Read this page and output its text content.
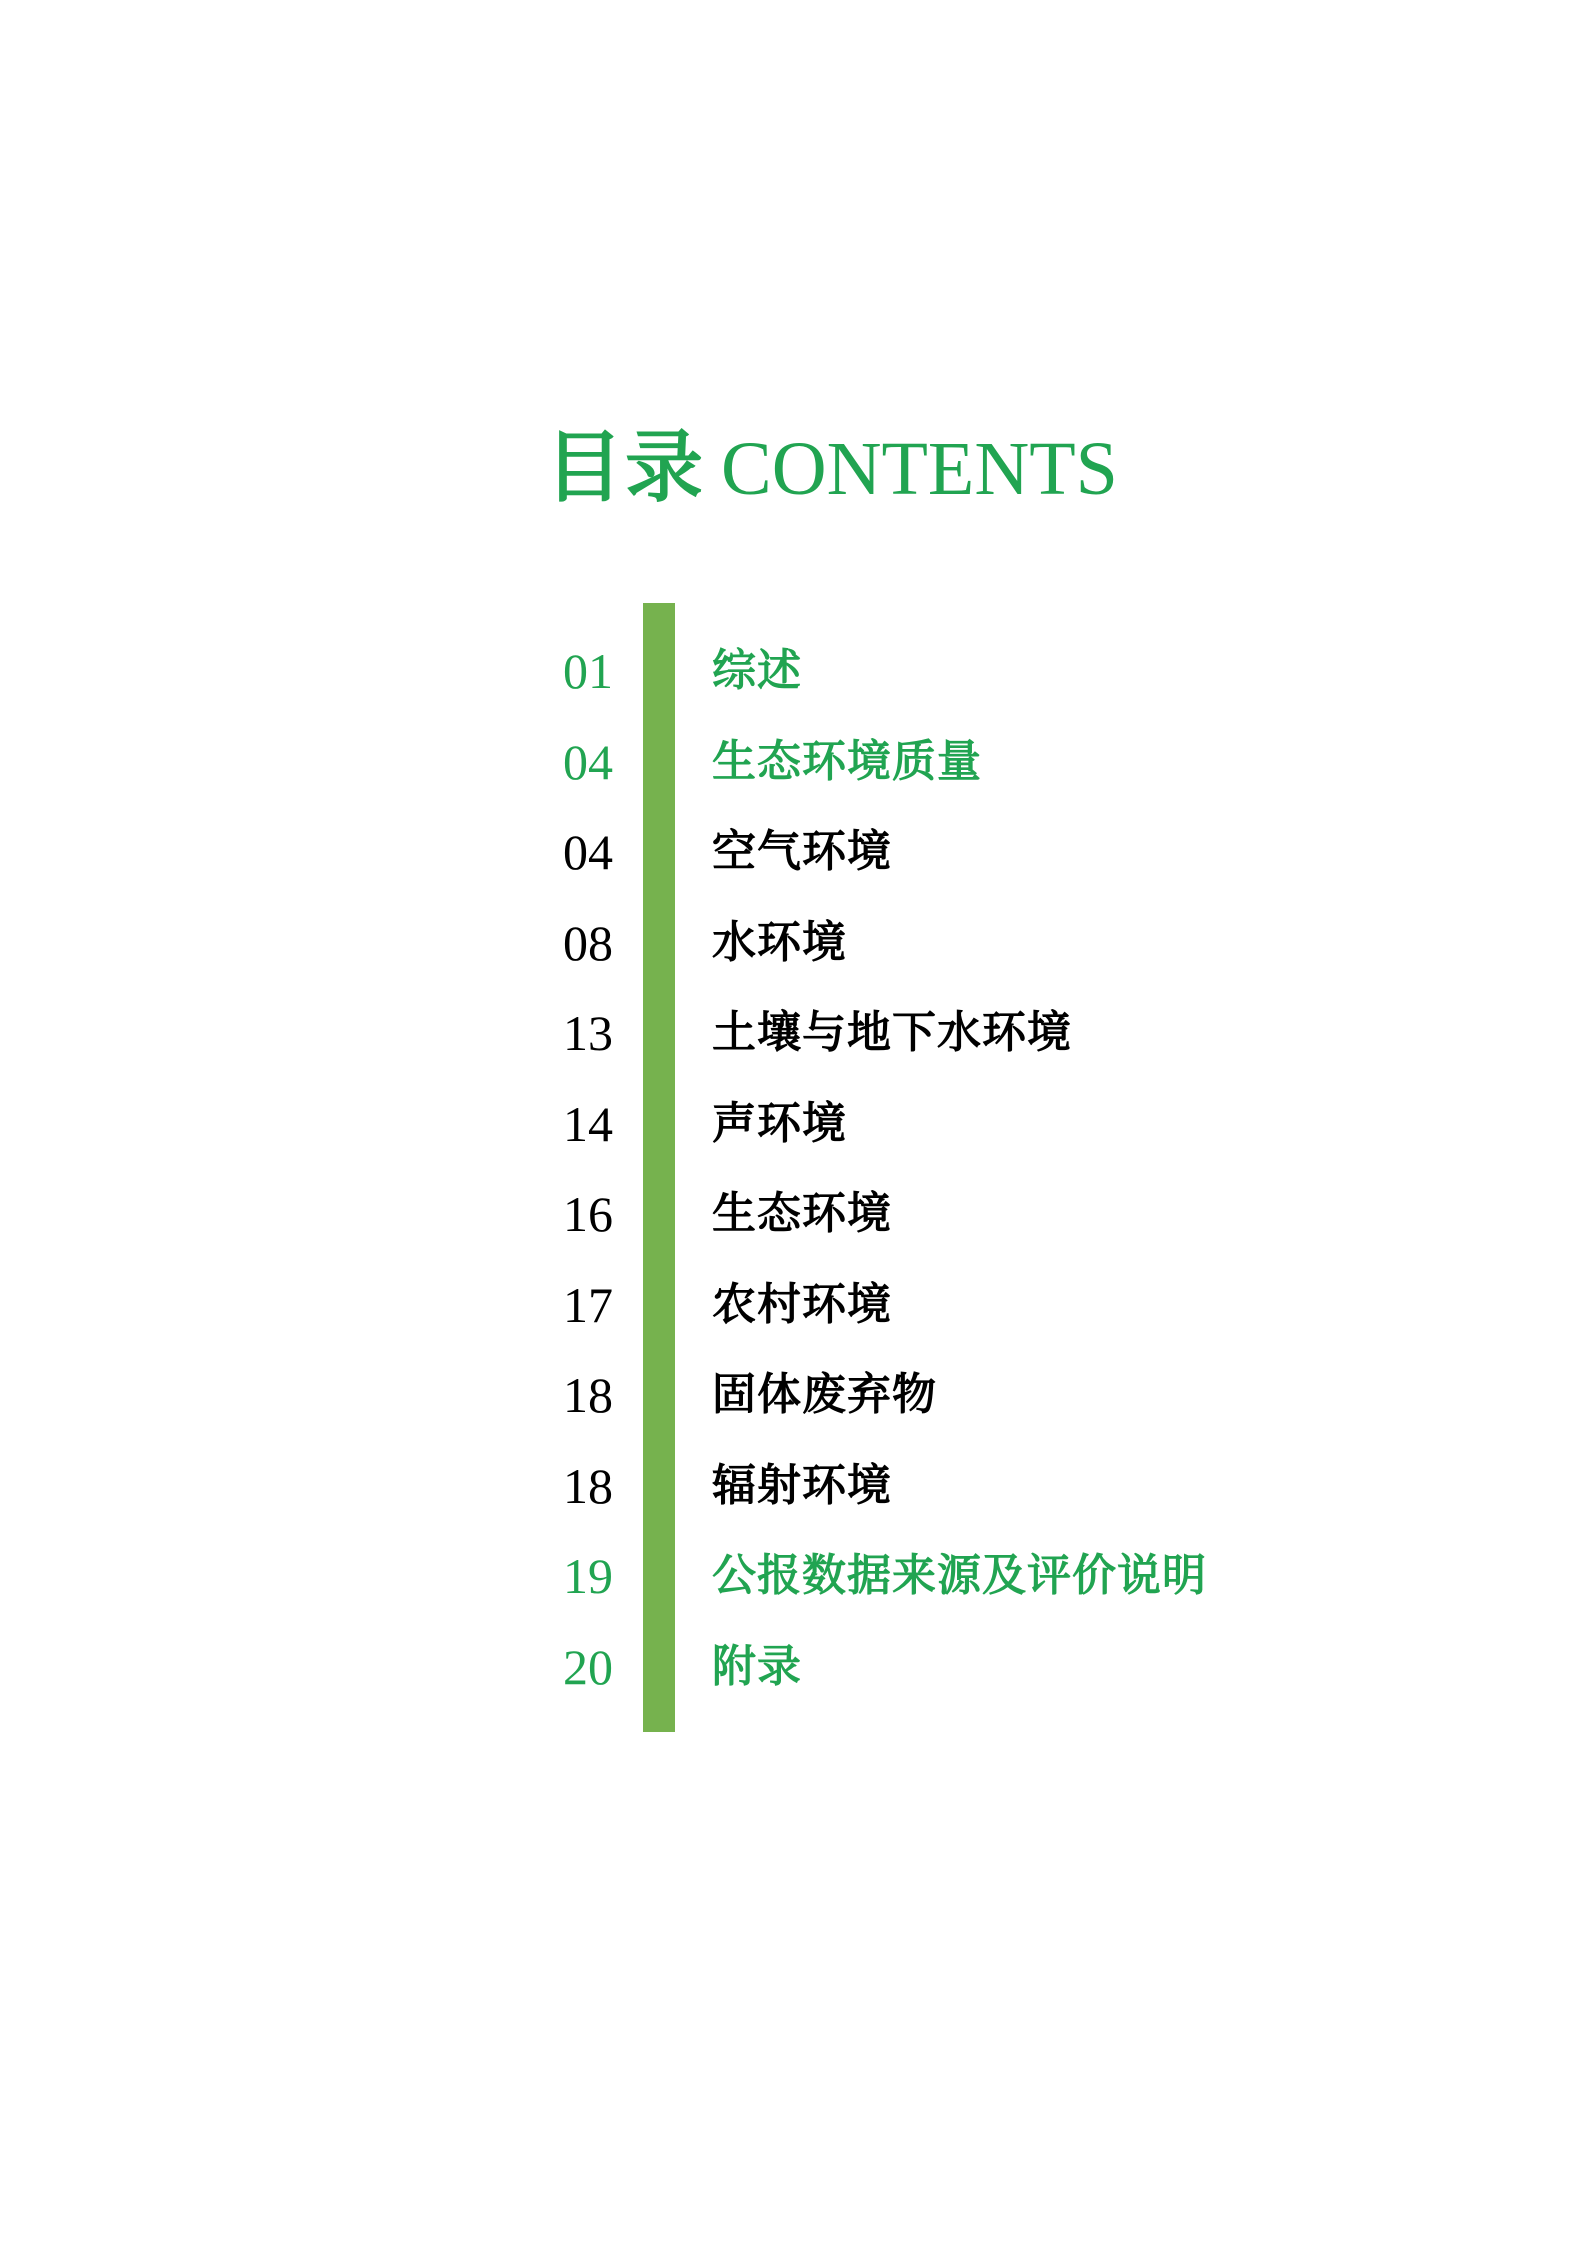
目录 CONTENTS
01 综述
04 生态环境质量
04 空气环境
08 水环境
13 土壤与地下水环境
14 声环境
16 生态环境
17 农村环境
18 固体废弃物
18 辐射环境
19 公报数据来源及评价说明
20 附录
